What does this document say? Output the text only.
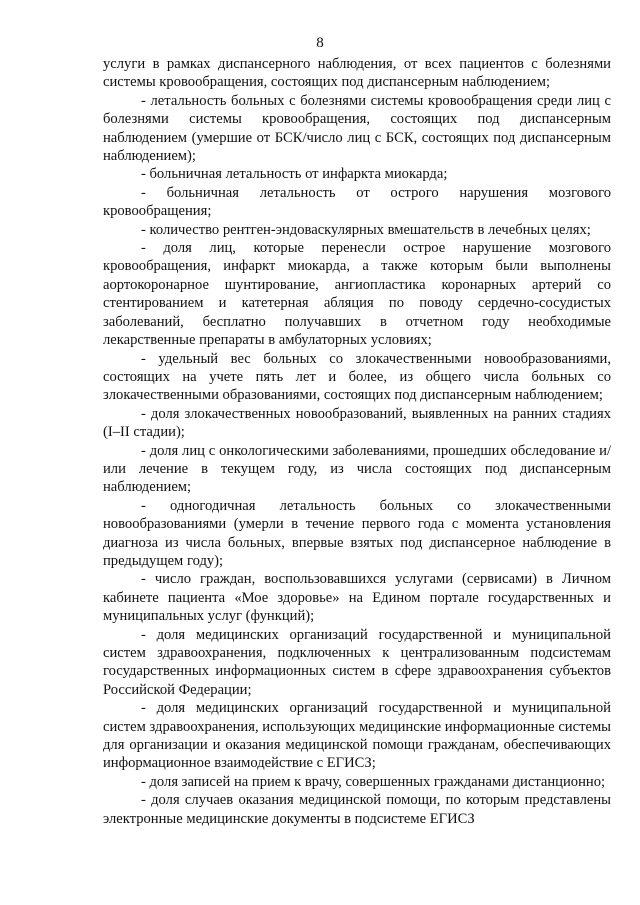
8

услуги в рамках диспансерного наблюдения, от всех пациентов с болезнями системы кровообращения, состоящих под диспансерным наблюдением;

- летальность больных с болезнями системы кровообращения среди лиц с болезнями системы кровообращения, состоящих под диспансерным наблюдением (умершие от БСК/число лиц с БСК, состоящих под диспансерным наблюдением);

- больничная летальность от инфаркта миокарда;

- больничная летальность от острого нарушения мозгового кровообращения;

- количество рентген-эндоваскулярных вмешательств в лечебных целях;

- доля лиц, которые перенесли острое нарушение мозгового кровообращения, инфаркт миокарда, а также которым были выполнены аортокоронарное шунтирование, ангиопластика коронарных артерий со стентированием и катетерная абляция по поводу сердечно-сосудистых заболеваний, бесплатно получавших в отчетном году необходимые лекарственные препараты в амбулаторных условиях;

- удельный вес больных со злокачественными новообразованиями, состоящих на учете пять лет и более, из общего числа больных со злокачественными образованиями, состоящих под диспансерным наблюдением;

- доля злокачественных новообразований, выявленных на ранних стадиях (I–II стадии);

- доля лиц с онкологическими заболеваниями, прошедших обследование и/или лечение в текущем году, из числа состоящих под диспансерным наблюдением;

- одногодичная летальность больных со злокачественными новообразованиями (умерли в течение первого года с момента установления диагноза из числа больных, впервые взятых под диспансерное наблюдение в предыдущем году);

- число граждан, воспользовавшихся услугами (сервисами) в Личном кабинете пациента «Мое здоровье» на Едином портале государственных и муниципальных услуг (функций);

- доля медицинских организаций государственной и муниципальной систем здравоохранения, подключенных к централизованным подсистемам государственных информационных систем в сфере здравоохранения субъектов Российской Федерации;

- доля медицинских организаций государственной и муниципальной систем здравоохранения, использующих медицинские информационные системы для организации и оказания медицинской помощи гражданам, обеспечивающих информационное взаимодействие с ЕГИСЗ;

- доля записей на прием к врачу, совершенных гражданами дистанционно;

- доля случаев оказания медицинской помощи, по которым представлены электронные медицинские документы в подсистеме ЕГИСЗ
